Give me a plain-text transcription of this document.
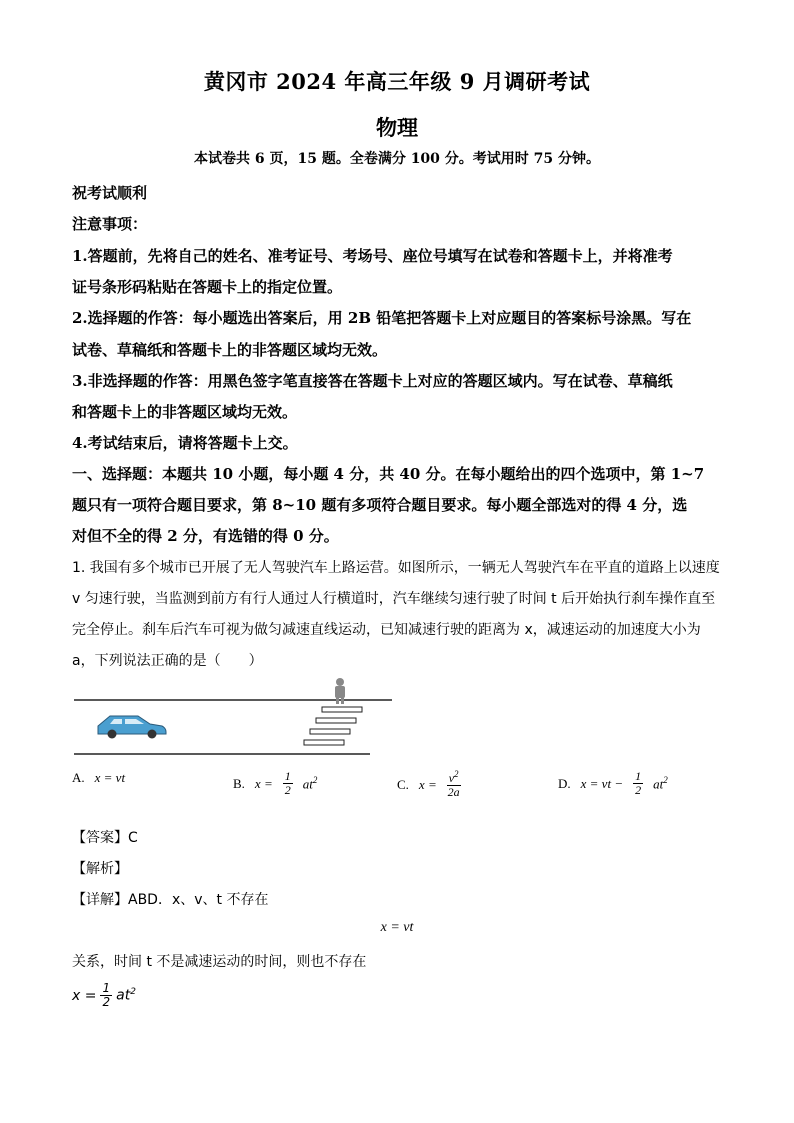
黄冈市 2024 年高三年级 9 月调研考试
物理
本试卷共 6 页，15 题。全卷满分 100 分。考试用时 75 分钟。
祝考试顺利
注意事项：
1.答题前，先将自己的姓名、准考证号、考场号、座位号填写在试卷和答题卡上，并将准考
证号条形码粘贴在答题卡上的指定位置。
2.选择题的作答：每小题选出答案后，用 2B 铅笔把答题卡上对应题目的答案标号涂黑。写在
试卷、草稿纸和答题卡上的非答题区域均无效。
3.非选择题的作答：用黑色签字笔直接答在答题卡上对应的答题区域内。写在试卷、草稿纸
和答题卡上的非答题区域均无效。
4.考试结束后，请将答题卡上交。
一、选择题：本题共 10 小题，每小题 4 分，共 40 分。在每小题给出的四个选项中，第 1~7
题只有一项符合题目要求，第 8~10 题有多项符合题目要求。每小题全部选对的得 4 分，选
对但不全的得 2 分，有选错的得 0 分。
1. 我国有多个城市已开展了无人驾驶汽车上路运营。如图所示，一辆无人驾驶汽车在平直的道路上以速度
v 匀速行驶，当监测到前方有行人通过人行横道时，汽车继续匀速行驶了时间 t 后开始执行刹车操作直至
完全停止。刹车后汽车可视为做匀减速直线运动，已知减速行驶的距离为 x，减速运动的加速度大小为
a，下列说法正确的是（　　）
A. x = vt	B. $x = \frac{1}{2} at^2$	C. $x = \frac{v^2}{2a}$	D. x = vt − $\frac{1}{2} at^2$
【答案】C
【解析】
【详解】ABD．x、v、t 不存在
x = vt
关系，时间 t 不是减速运动的时间，则也不存在
$x = \frac{1}{2} at^2$
